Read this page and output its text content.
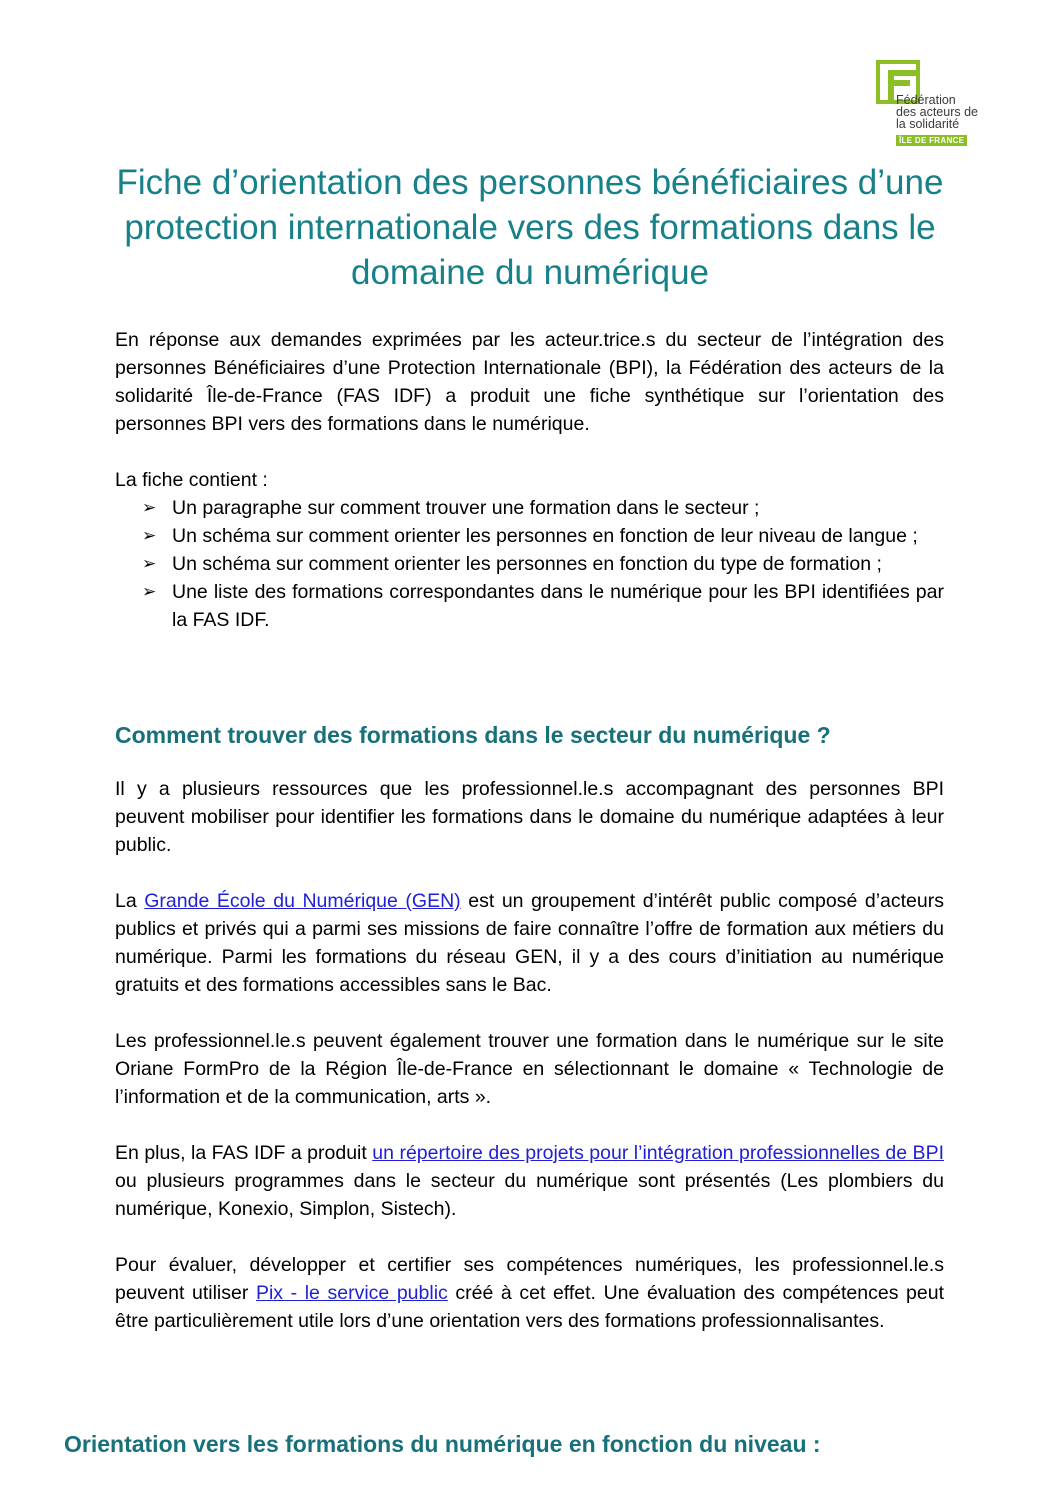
Fédération
des acteurs de
la solidarité
ÎLE DE FRANCE
Fiche d’orientation des personnes bénéficiaires d’une protection internationale vers des formations dans le domaine du numérique

En réponse aux demandes exprimées par les acteur.trice.s du secteur de l’intégration des personnes Bénéficiaires d’une Protection Internationale (BPI), la Fédération des acteurs de la solidarité Île-de-France (FAS IDF) a produit une fiche synthétique sur l’orientation des personnes BPI vers des formations dans le numérique.

La fiche contient :

➢ Un paragraphe sur comment trouver une formation dans le secteur ;
➢ Un schéma sur comment orienter les personnes en fonction de leur niveau de langue ;
➢ Un schéma sur comment orienter les personnes en fonction du type de formation ;
➢ Une liste des formations correspondantes dans le numérique pour les BPI identifiées par la FAS IDF.
Comment trouver des formations dans le secteur du numérique ?

Il y a plusieurs ressources que les professionnel.le.s accompagnant des personnes BPI peuvent mobiliser pour identifier les formations dans le domaine du numérique adaptées à leur public.

La Grande École du Numérique (GEN) est un groupement d’intérêt public composé d’acteurs publics et privés qui a parmi ses missions de faire connaître l’offre de formation aux métiers du numérique. Parmi les formations du réseau GEN, il y a des cours d’initiation au numérique gratuits et des formations accessibles sans le Bac.

Les professionnel.le.s peuvent également trouver une formation dans le numérique sur le site Oriane FormPro de la Région Île-de-France en sélectionnant le domaine « Technologie de l’information et de la communication, arts ».

En plus, la FAS IDF a produit un répertoire des projets pour l’intégration professionnelles de BPI ou plusieurs programmes dans le secteur du numérique sont présentés (Les plombiers du numérique, Konexio, Simplon, Sistech).

Pour évaluer, développer et certifier ses compétences numériques, les professionnel.le.s peuvent utiliser Pix - le service public créé à cet effet. Une évaluation des compétences peut être particulièrement utile lors d’une orientation vers des formations professionnalisantes.

Orientation vers les formations du numérique en fonction du niveau :
